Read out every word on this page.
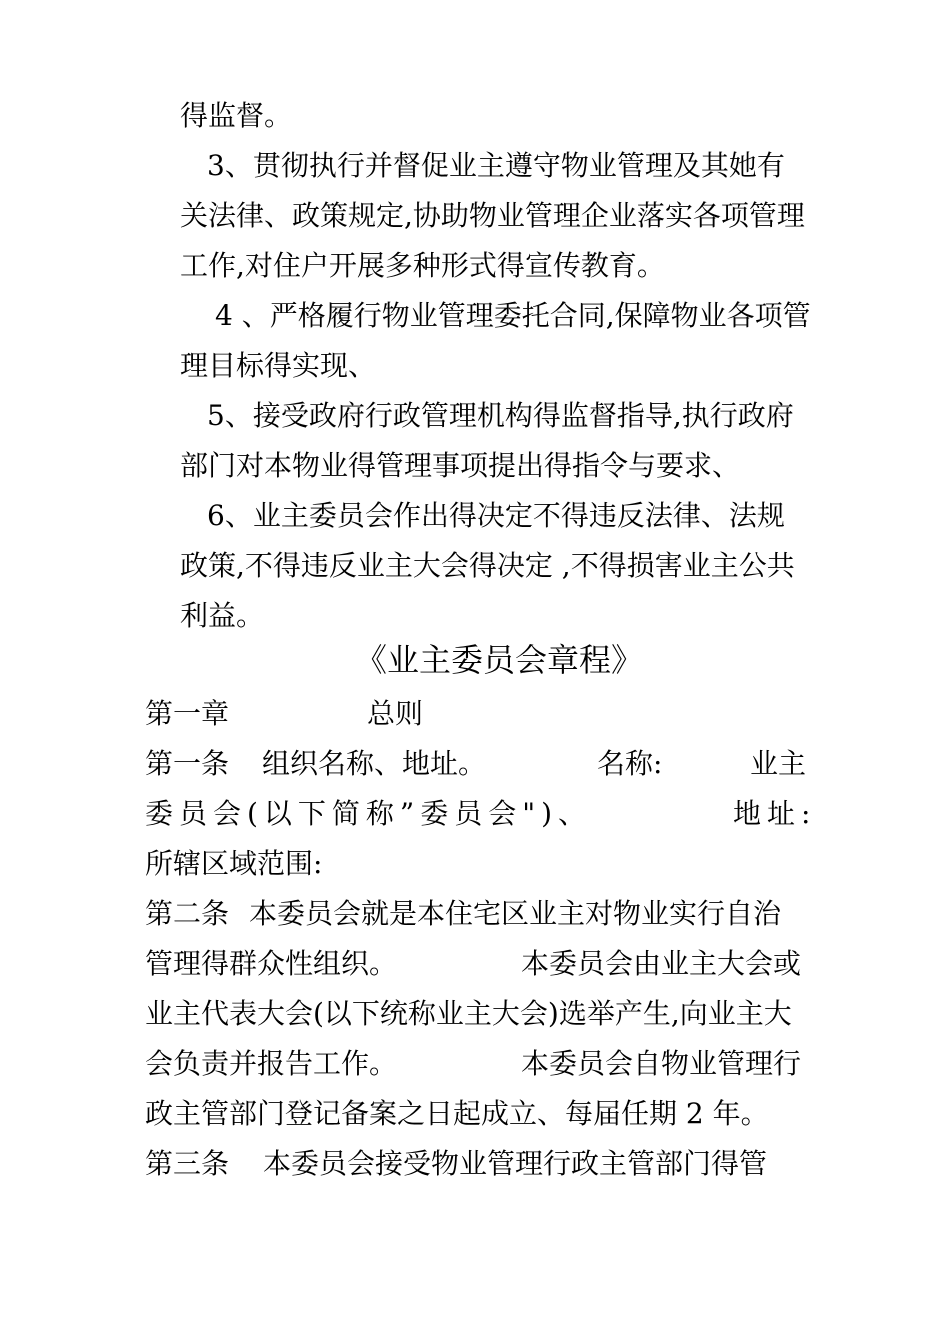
得监督。

3、贯彻执行并督促业主遵守物业管理及其她有

关法律、政策规定,协助物业管理企业落实各项管理

工作,对住户开展多种形式得宣传教育。

4 、严格履行物业管理委托合同,保障物业各项管

理目标得实现、

5、接受政府行政管理机构得监督指导,执行政府

部门对本物业得管理事项提出得指令与要求、

6、业主委员会作出得决定不得违反法律、法规

政策,不得违反业主大会得决定 ,不得损害业主公共

利益。

《业主委员会章程》

第一章	总则
第一条 组织名称、地址。	名称:	业主
委员会(以下简称”委员会")、	地址:

所辖区域范围:

第二条 本委员会就是本住宅区业主对物业实行自治
管理得群众性组织。	本委员会由业主大会或

业主代表大会(以下统称业主大会)选举产生,向业主大

会负责并报告工作。	本委员会自物业管理行

政主管部门登记备案之日起成立、每届任期 2 年。

第三条 本委员会接受物业管理行政主管部门得管
